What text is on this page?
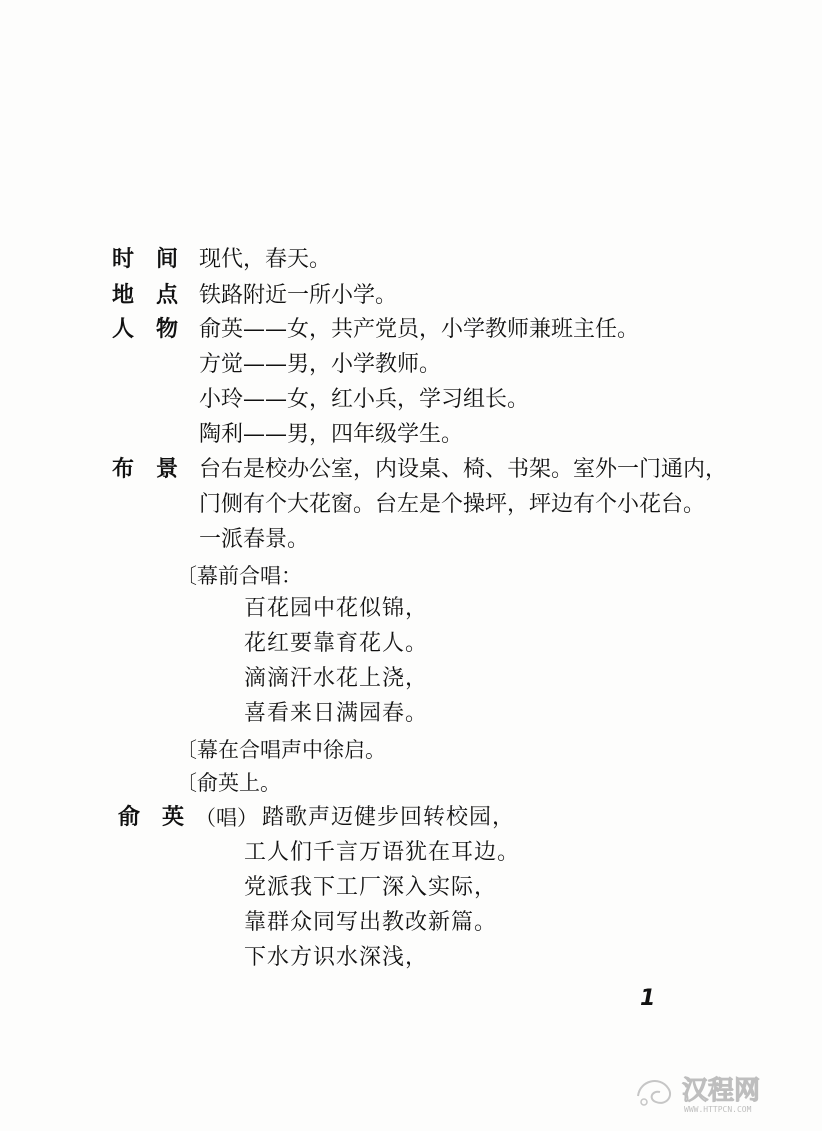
时间
现代，春天。
地点
铁路附近一所小学。
人物
俞英——女，共产党员，小学教师兼班主任。
方觉——男，小学教师。
小玲——女，红小兵，学习组长。
陶利——男，四年级学生。
布景
台右是校办公室，内设桌、椅、书架。室外一门通内，
门侧有个大花窗。台左是个操坪，坪边有个小花台。
一派春景。
〔幕前合唱：
百花园中花似锦，
花红要靠育花人。
滴滴汗水花上浇，
喜看来日满园春。
〔幕在合唱声中徐启。
〔俞英上。
俞英
（唱） 踏歌声迈健步回转校园，
工人们千言万语犹在耳边。
党派我下工厂深入实际，
靠群众同写出教改新篇。
下水方识水深浅，
1
汉程网
WWW.HTTPCN.COM
